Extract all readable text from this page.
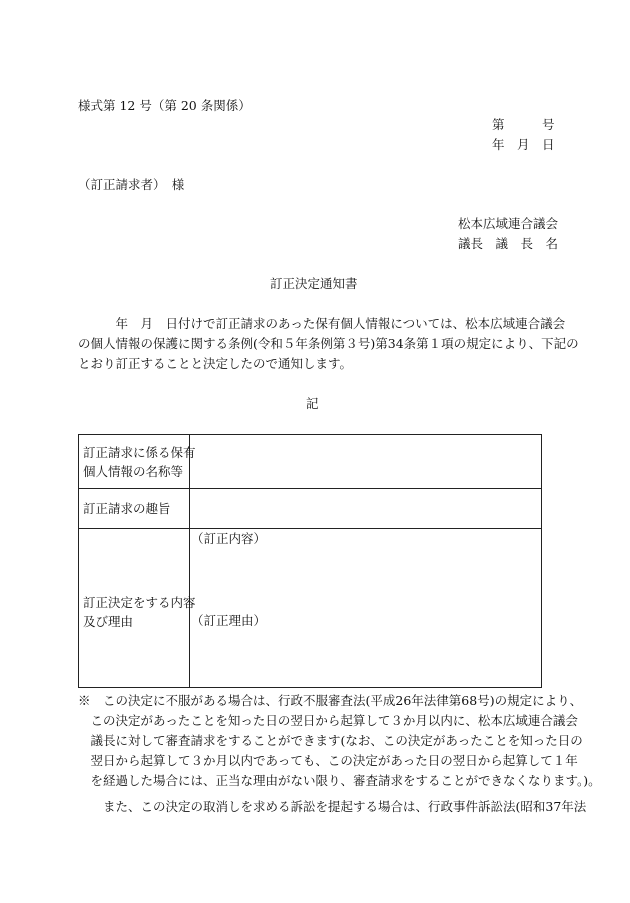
様式第 12 号（第 20 条関係）
第　　　号
年　月　日
（訂正請求者）　様
松本広域連合議会
議長　議　長　名
訂正決定通知書
　　　年　月　日付けで訂正請求のあった保有個人情報については、松本広域連合議会
の個人情報の保護に関する条例(令和５年条例第３号)第34条第１項の規定により、下記の
とおり訂正することと決定したので通知します。
記
訂正請求に係る保有
個人情報の名称等
訂正請求の趣旨
訂正決定をする内容
及び理由
（訂正内容）
（訂正理由）
※　この決定に不服がある場合は、行政不服審査法(平成26年法律第68号)の規定により、
　この決定があったことを知った日の翌日から起算して３か月以内に、松本広域連合議会
　議長に対して審査請求をすることができます(なお、この決定があったことを知った日の
　翌日から起算して３か月以内であっても、この決定があった日の翌日から起算して１年
　を経過した場合には、正当な理由がない限り、審査請求をすることができなくなります。)。
　　また、この決定の取消しを求める訴訟を提起する場合は、行政事件訴訟法(昭和37年法
